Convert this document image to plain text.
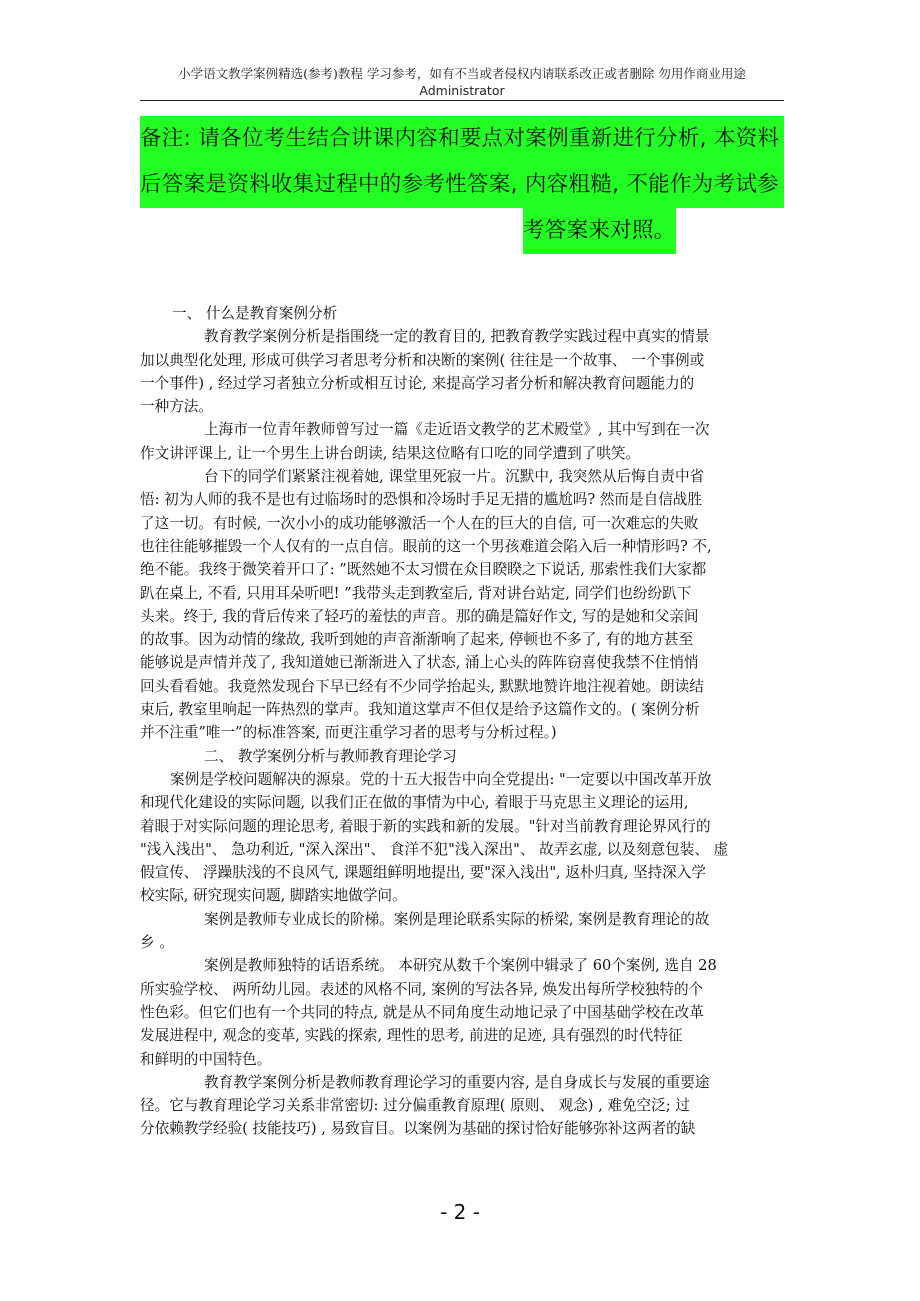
小学语文教学案例精选(参考)教程 学习参考，如有不当或者侵权内请联系改正或者删除 勿用作商业用途
Administrator
备注: 请各位考生结合讲课内容和要点对案例重新进行分析, 本资料
后答案是资料收集过程中的参考性答案, 内容粗糙, 不能作为考试参
考答案来对照。
一、 什么是教育案例分析
教育教学案例分析是指围绕一定的教育目的, 把教育教学实践过程中真实的情景
加以典型化处理, 形成可供学习者思考分析和决断的案例( 往往是一个故事、 一个事例或
一个事件) , 经过学习者独立分析或相互讨论, 来提高学习者分析和解决教育问题能力的
一种方法。
上海市一位青年教师曾写过一篇《走近语文教学的艺术殿堂》, 其中写到在一次
作文讲评课上, 让一个男生上讲台朗读, 结果这位略有口吃的同学遭到了哄笑。
台下的同学们紧紧注视着她, 课堂里死寂一片。沉默中, 我突然从后悔自责中省
悟: 初为人师的我不是也有过临场时的恐惧和冷场时手足无措的尴尬吗? 然而是自信战胜
了这一切。有时候, 一次小小的成功能够激活一个人在的巨大的自信, 可一次难忘的失败
也往往能够摧毁一个人仅有的一点自信。眼前的这一个男孩难道会陷入后一种情形吗? 不,
绝不能。我终于微笑着开口了: ”既然她不太习惯在众目睽睽之下说话, 那索性我们大家都
趴在桌上, 不看, 只用耳朵听吧! ”我带头走到教室后, 背对讲台站定, 同学们也纷纷趴下
头来。终于, 我的背后传来了轻巧的羞怯的声音。那的确是篇好作文, 写的是她和父亲间
的故事。因为动情的缘故, 我听到她的声音渐渐响了起来, 停顿也不多了, 有的地方甚至
能够说是声情并茂了, 我知道她已渐渐进入了状态, 涌上心头的阵阵窃喜使我禁不住悄悄
回头看看她。我竟然发现台下早已经有不少同学抬起头, 默默地赞许地注视着她。朗读结
束后, 教室里响起一阵热烈的掌声。我知道这掌声不但仅是给予这篇作文的。( 案例分析
并不注重”唯一”的标准答案, 而更注重学习者的思考与分析过程。)
二、 教学案例分析与教师教育理论学习
案例是学校问题解决的源泉。党的十五大报告中向全党提出: "一定要以中国改革开放
和现代化建设的实际问题, 以我们正在做的事情为中心, 着眼于马克思主义理论的运用,
着眼于对实际问题的理论思考, 着眼于新的实践和新的发展。"针对当前教育理论界风行的
"浅入浅出"、 急功利近, "深入深出"、 食洋不犯"浅入深出"、 故弄玄虚, 以及刻意包装、 虚
假宣传、 浮躁肤浅的不良风气, 课题组鲜明地提出, 要"深入浅出", 返朴归真, 坚持深入学
校实际, 研究现实问题, 脚踏实地做学问。
案例是教师专业成长的阶梯。案例是理论联系实际的桥梁, 案例是教育理论的故
乡 。
案例是教师独特的话语系统。 本研究从数千个案例中辑录了 60个案例, 选自 28
所实验学校、 两所幼儿园。表述的风格不同, 案例的写法各异, 焕发出每所学校独特的个
性色彩。但它们也有一个共同的特点, 就是从不同角度生动地记录了中国基础学校在改革
发展进程中, 观念的变革, 实践的探索, 理性的思考, 前进的足迹, 具有强烈的时代特征
和鲜明的中国特色。
教育教学案例分析是教师教育理论学习的重要内容, 是自身成长与发展的重要途
径。它与教育理论学习关系非常密切: 过分偏重教育原理( 原则、 观念) , 难免空泛; 过
分依赖教学经验( 技能技巧) , 易致盲目。以案例为基础的探讨恰好能够弥补这两者的缺
- 2 -
